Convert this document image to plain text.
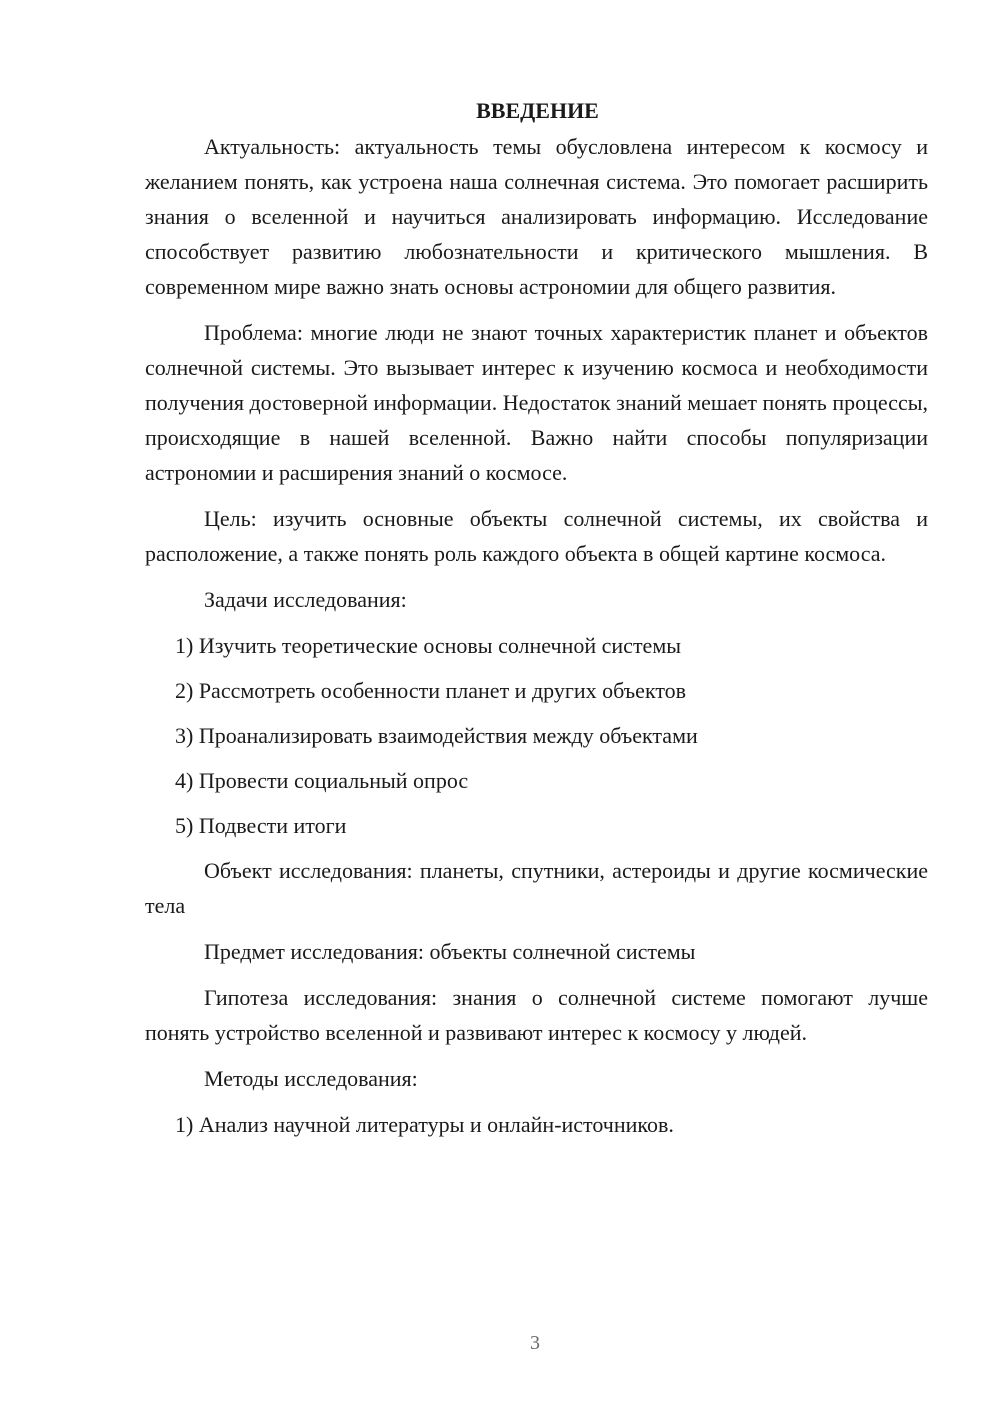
ВВЕДЕНИЕ

Актуальность: актуальность темы обусловлена интересом к космосу и желанием понять, как устроена наша солнечная система. Это помогает расширить знания о вселенной и научиться анализировать информацию. Исследование способствует развитию любознательности и критического мышления. В современном мире важно знать основы астрономии для общего развития.

Проблема: многие люди не знают точных характеристик планет и объектов солнечной системы. Это вызывает интерес к изучению космоса и необходимости получения достоверной информации. Недостаток знаний мешает понять процессы, происходящие в нашей вселенной. Важно найти способы популяризации астрономии и расширения знаний о космосе.

Цель: изучить основные объекты солнечной системы, их свойства и расположение, а также понять роль каждого объекта в общей картине космоса.

Задачи исследования:

1) Изучить теоретические основы солнечной системы
2) Рассмотреть особенности планет и других объектов
3) Проанализировать взаимодействия между объектами
4) Провести социальный опрос
5) Подвести итоги

Объект исследования: планеты, спутники, астероиды и другие космические тела

Предмет исследования: объекты солнечной системы

Гипотеза исследования: знания о солнечной системе помогают лучше понять устройство вселенной и развивают интерес к космосу у людей.

Методы исследования:

1) Анализ научной литературы и онлайн-источников.
3
